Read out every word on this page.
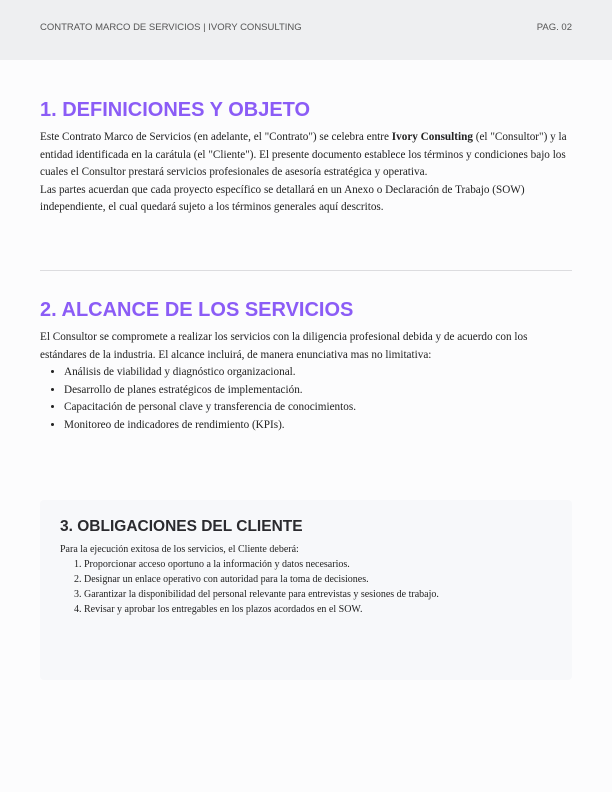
CONTRATO MARCO DE SERVICIOS | IVORY CONSULTING	PAG. 02
1. DEFINICIONES Y OBJETO
Este Contrato Marco de Servicios (en adelante, el "Contrato") se celebra entre Ivory Consulting (el "Consultor") y la entidad identificada en la carátula (el "Cliente"). El presente documento establece los términos y condiciones bajo los cuales el Consultor prestará servicios profesionales de asesoría estratégica y operativa.
Las partes acuerdan que cada proyecto específico se detallará en un Anexo o Declaración de Trabajo (SOW) independiente, el cual quedará sujeto a los términos generales aquí descritos.
2. ALCANCE DE LOS SERVICIOS
El Consultor se compromete a realizar los servicios con la diligencia profesional debida y de acuerdo con los estándares de la industria. El alcance incluirá, de manera enunciativa mas no limitativa:
• Análisis de viabilidad y diagnóstico organizacional.
• Desarrollo de planes estratégicos de implementación.
• Capacitación de personal clave y transferencia de conocimientos.
• Monitoreo de indicadores de rendimiento (KPIs).
3. OBLIGACIONES DEL CLIENTE
Para la ejecución exitosa de los servicios, el Cliente deberá:
1. Proporcionar acceso oportuno a la información y datos necesarios.
2. Designar un enlace operativo con autoridad para la toma de decisiones.
3. Garantizar la disponibilidad del personal relevante para entrevistas y sesiones de trabajo.
4. Revisar y aprobar los entregables en los plazos acordados en el SOW.
